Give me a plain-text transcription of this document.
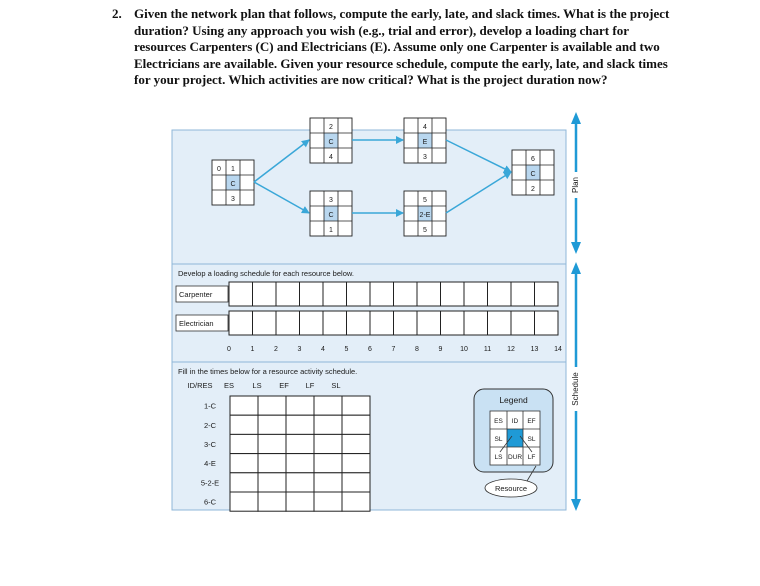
2. Given the network plan that follows, compute the early, late, and slack times. What is the project duration? Using any approach you wish (e.g., trial and error), develop a loading chart for resources Carpenters (C) and Electricians (E). Assume only one Carpenter is available and two Electricians are available. Given your resource schedule, compute the early, late, and slack times for your project. Which activities are now critical? What is the project duration now?
1
C
3
0
2
C
4
3
C
1
4
E
3
5
2-E
5
6
C
2
Develop a loading schedule for each resource below.
Carpenter
Electrician
0	1	2	3	4	5	6	7	8	9	10 11 12 13 14
Fill in the times below for a resource activity schedule.
ID/RES ES LS EF LF SL
1-C
2-C
3-C
4-E
5-2-E
6-C
Legend
ES ID EF
SL	SL
LS DUR LF
Resource
Plan
Schedule
